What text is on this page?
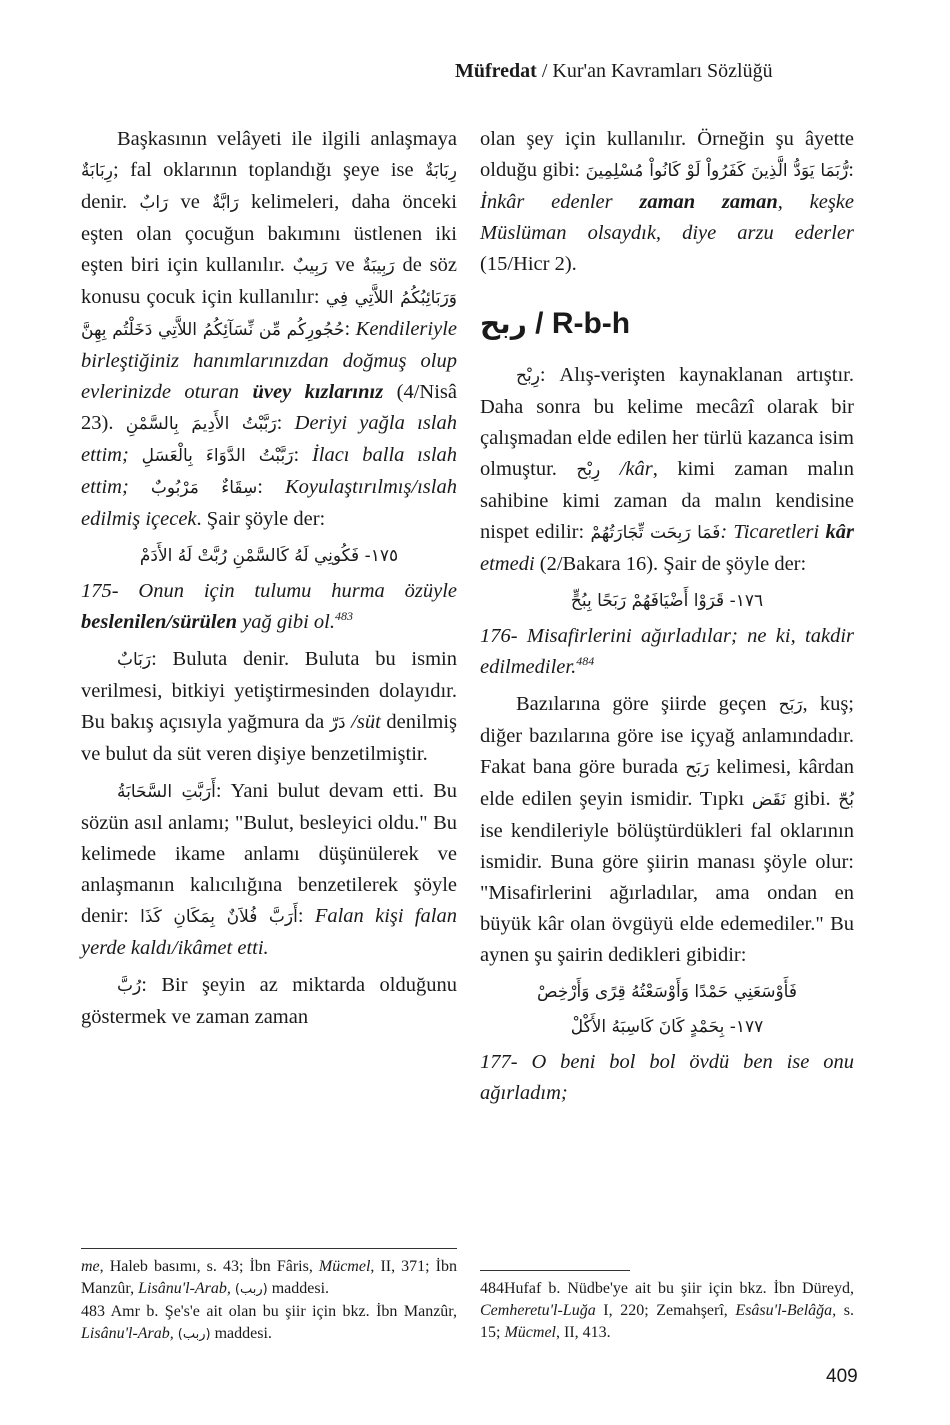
Müfredat / Kur'an Kavramları Sözlüğü

Başkasının velâyeti ile ilgili anlaşmaya رِبَابَةٌ; fal oklarının toplandığı şeye ise رِبَابَةٌ denir. رَابٌ ve رَابَّةٌ kelimeleri, daha önceki eşten olan çocuğun bakımını üstlenen iki eşten biri için kullanılır. رَبِيبٌ ve رَبِيبَةٌ de söz konusu çocuk için kullanılır: وَرَبَائِبُكُمُ اللاَّتِي فِي حُجُورِكُم مِّن نِّسَآئِكُمُ اللاَّتِي دَخَلْتُم بِهِنَّ: Kendileriyle birleştiğiniz hanımlarınızdan doğmuş olup evlerinizde oturan üvey kızlarınız (4/Nisâ 23). رَبَّبْتُ الأَدِيمَ بِالسَّمْنِ: Deriyi yağla ıslah ettim; رَبَّبْتُ الدَّوَاءَ بِالْعَسَلِ: İlacı balla ıslah ettim; سِقَاءٌ مَرْبُوبٌ: Koyulaştırılmış/ıslah edilmiş içecek. Şair şöyle der:

١٧٥- فَكُونِي لَهُ كَالسَّمْنِ رُبَّتْ لَهُ الأَدَمْ

175- Onun için tulumu hurma özüyle beslenilen/sürülen yağ gibi ol.$^{483}$

رَبَابٌ: Buluta denir. Buluta bu ismin verilmesi, bitkiyi yetiştirmesinden dolayıdır. Bu bakış açısıyla yağmura da دَرّ /süt denilmiş ve bulut da süt veren dişiye benzetilmiştir.

أَرَبَّتِ السَّحَابَةُ: Yani bulut devam etti. Bu sözün asıl anlamı; "Bulut, besleyici oldu." Bu kelimede ikame anlamı düşünülerek ve anlaşmanın kalıcılığına benzetilerek şöyle denir: أَرَبَّ فُلاَنٌ بِمَكَانِ كَذَا: Falan kişi falan yerde kaldı/ikâmet etti.

رُبَّ: Bir şeyin az miktarda olduğunu göstermek ve zaman zaman

olan şey için kullanılır. Örneğin şu âyette olduğu gibi: رُّبَمَا يَوَدُّ الَّذِينَ كَفَرُواْ لَوْ كَانُواْ مُسْلِمِينَ: İnkâr edenler zaman zaman, keşke Müslüman olsaydık, diye arzu ederler (15/Hicr 2).

ربح / R-b-h

رِبْح: Alış-verişten kaynaklanan artıştır. Daha sonra bu kelime mecâzî olarak bir çalışmadan elde edilen her türlü kazanca isim olmuştur. رِبْح /kâr, kimi zaman malın sahibine kimi zaman da malın kendisine nispet edilir: فَمَا رَبِحَت تِّجَارَتُهُمْ: Ticaretleri kâr etmedi (2/Bakara 16). Şair de şöyle der:

١٧٦- قَرَوْا أَضْيَافَهُمْ رَبَحًا بِبُحٍّ

176- Misafirlerini ağırladılar; ne ki, takdir edilmediler.$^{484}$

Bazılarına göre şiirde geçen رَبَح, kuş; diğer bazılarına göre ise içyağ anlamındadır. Fakat bana göre burada رَبَح kelimesi, kârdan elde edilen şeyin ismidir. Tıpkı نَقَض gibi. بُحّ ise kendileriyle bölüştürdükleri fal oklarının ismidir. Buna göre şiirin manası şöyle olur: "Misafirlerini ağırladılar, ama ondan en büyük kâr olan övgüyü elde edemediler." Bu aynen şu şairin dedikleri gibidir:

فَأَوْسَعَنِي حَمْدًا وَأَوْسَعْتُهُ قِرًى وَأَرْخِصْ
١٧٧- بِحَمْدٍ كَانَ كَاسِبَهُ الأَكْلْ

177- O beni bol bol övdü ben ise onu ağırladım;

me, Haleb basımı, s. 43; İbn Fâris, Mücmel, II, 371; İbn Manzûr, Lisânu'l-Arab, (ربب) maddesi.

483 Amr b. Şe's'e ait olan bu şiir için bkz. İbn Manzûr, Lisânu'l-Arab, (ربب) maddesi.

484Hufaf b. Nüdbe'ye ait bu şiir için bkz. İbn Düreyd, Cemheretu'l-Luğa I, 220; Zemahşerî, Esâsu'l-Belâğa, s. 15; Mücmel, II, 413.

409
